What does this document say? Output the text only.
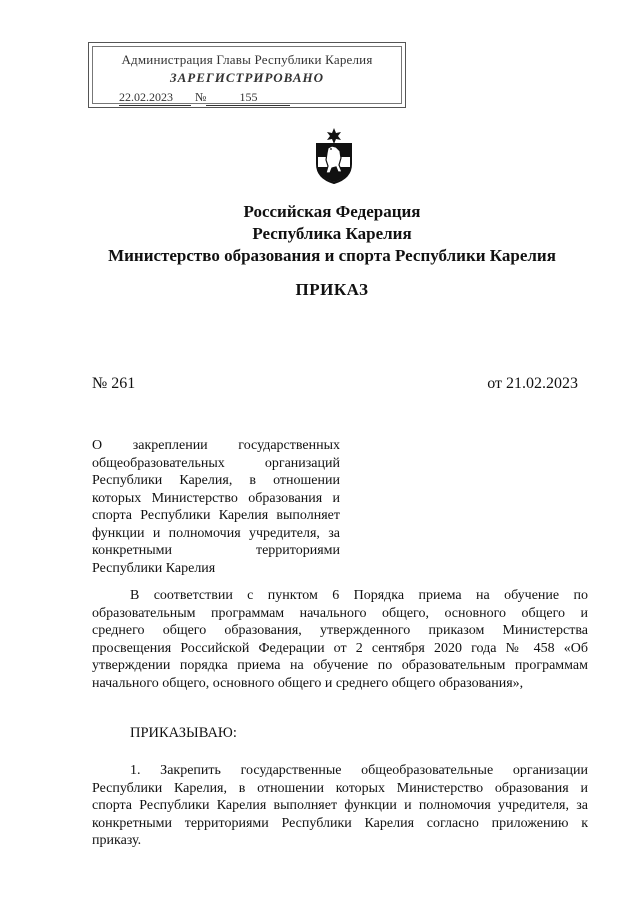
Администрация Главы Республики Карелия
ЗАРЕГИСТРИРОВАНО
22.02.2023 №	155
Российская Федерация
Республика Карелия
Министерство образования и спорта Республики Карелия
ПРИКАЗ
№ 261	от 21.02.2023
О закреплении государственных
общеобразовательных организаций
Республики Карелия, в отношении
которых Министерство образования и
спорта Республики Карелия выполняет
функции и полномочия учредителя, за
конкретными территориями
Республики Карелия
В соответствии с пунктом 6 Порядка приема на обучение по
образовательным программам начального общего, основного общего и
среднего общего образования, утвержденного приказом Министерства
просвещения Российской Федерации от 2 сентября 2020 года № 458 «Об
утверждении порядка приема на обучение по образовательным программам
начального общего, основного общего и среднего общего образования»,
ПРИКАЗЫВАЮ:
1. Закрепить государственные общеобразовательные организации
Республики Карелия, в отношении которых Министерство образования и
спорта Республики Карелия выполняет функции и полномочия учредителя, за
конкретными территориями Республики Карелия согласно приложению к
приказу.
